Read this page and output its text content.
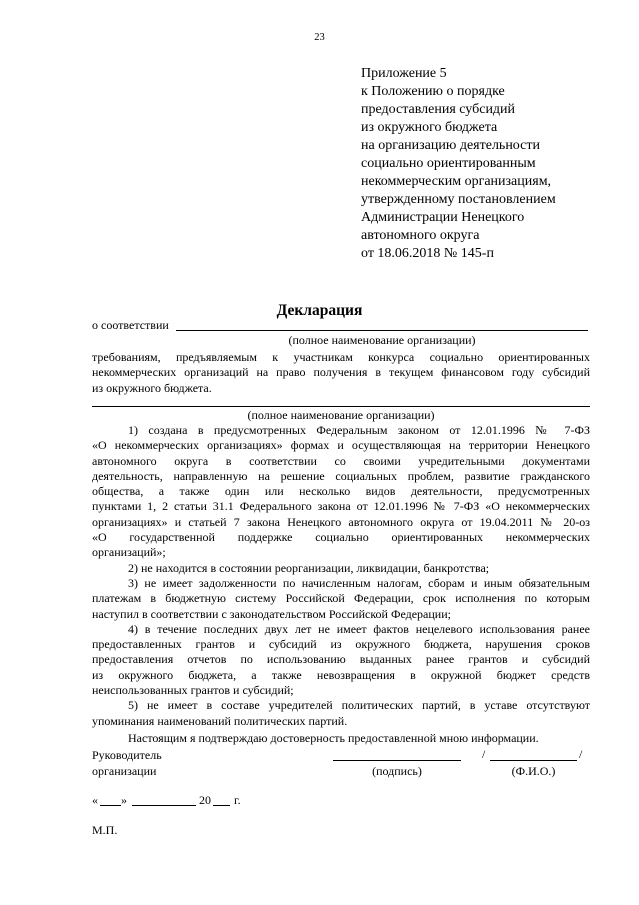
23
Приложение 5
к Положению о порядке
предоставления субсидий
из окружного бюджета
на организацию деятельности
социально ориентированным
некоммерческим организациям,
утвержденному постановлением
Администрации Ненецкого
автономного округа
от 18.06.2018 № 145-п
Декларация
о соответствии
(полное наименование организации)
требованиям, предъявляемым к участникам конкурса социально ориентированных
некоммерческих организаций на право получения в текущем финансовом году субсидий
из окружного бюджета.
(полное наименование организации)
1) создана в предусмотренных Федеральным законом от 12.01.1996 № 7-ФЗ
«О некоммерческих организациях» формах и осуществляющая на территории Ненецкого
автономного округа в соответствии со своими учредительными документами
деятельность, направленную на решение социальных проблем, развитие гражданского
общества, а также один или несколько видов деятельности, предусмотренных
пунктами 1, 2 статьи 31.1 Федерального закона от 12.01.1996 № 7-ФЗ «О некоммерческих
организациях» и статьей 7 закона Ненецкого автономного округа от 19.04.2011 № 20-оз
«О государственной поддержке социально ориентированных некоммерческих
организаций»;
2) не находится в состоянии реорганизации, ликвидации, банкротства;
3) не имеет задолженности по начисленным налогам, сборам и иным обязательным
платежам в бюджетную систему Российской Федерации, срок исполнения по которым
наступил в соответствии с законодательством Российской Федерации;
4) в течение последних двух лет не имеет фактов нецелевого использования ранее
предоставленных грантов и субсидий из окружного бюджета, нарушения сроков
предоставления отчетов по использованию выданных ранее грантов и субсидий
из окружного бюджета, а также невозвращения в окружной бюджет средств
неиспользованных грантов и субсидий;
5) не имеет в составе учредителей политических партий, в уставе отсутствуют
упоминания наименований политических партий.
Настоящим я подтверждаю достоверность предоставленной мною информации.
Руководитель
организации	(подпись)
/	/
(Ф.И.О.)
« »	20 г.
М.П.
